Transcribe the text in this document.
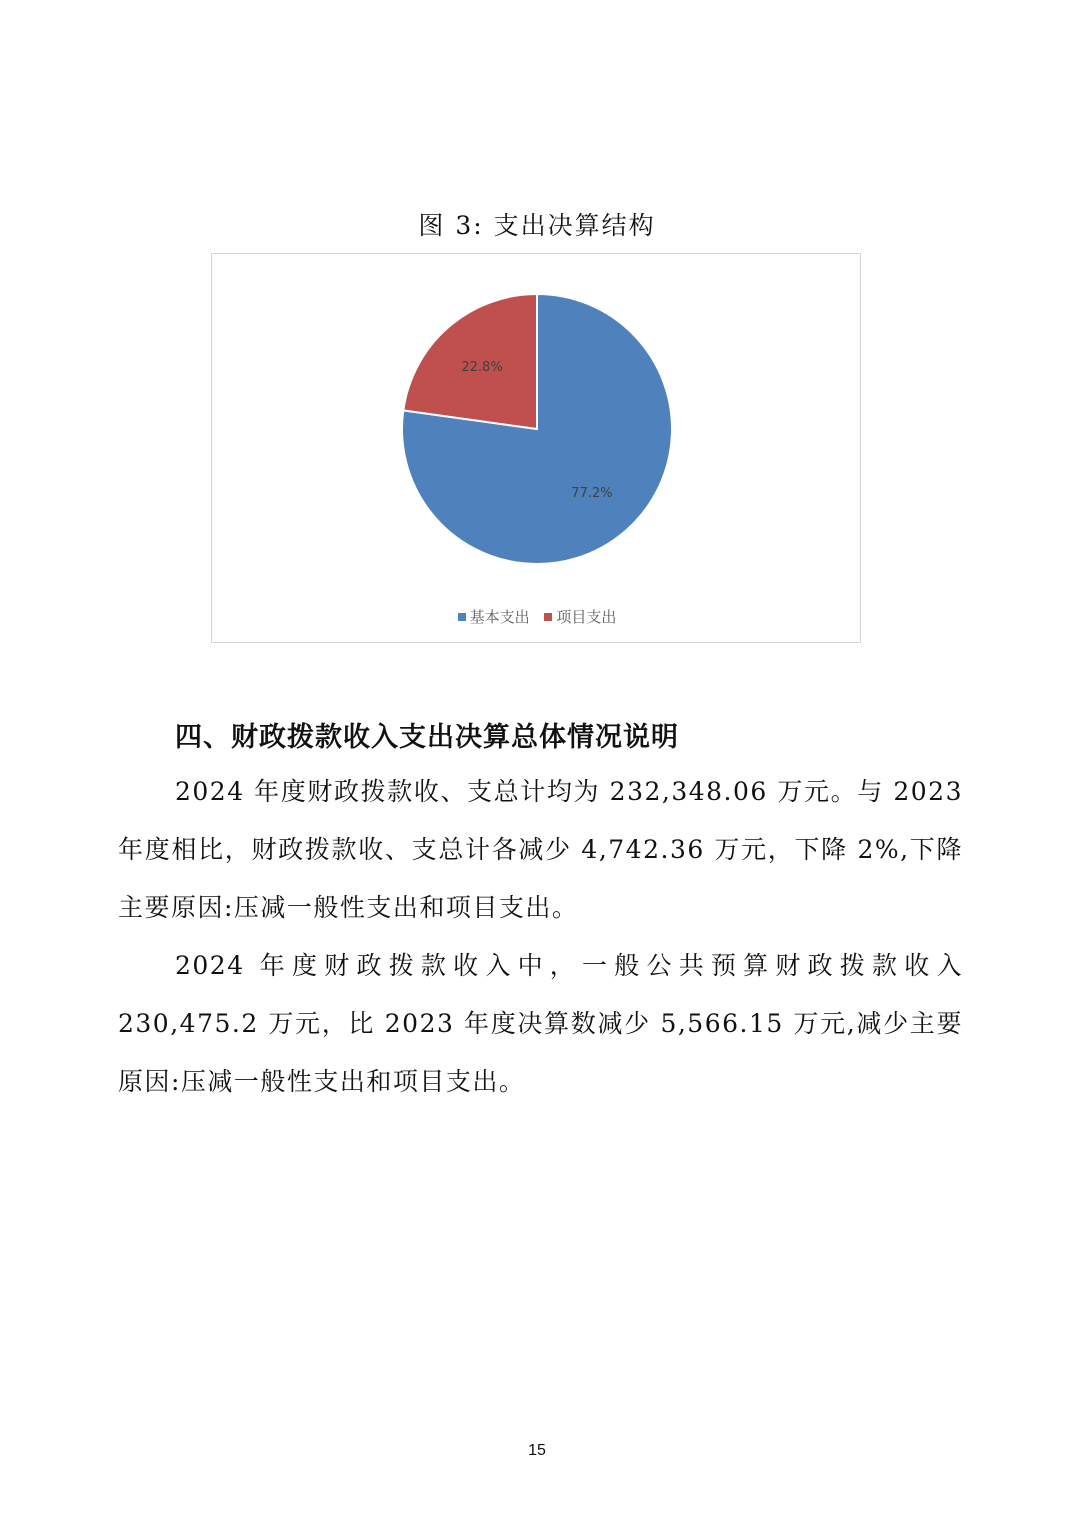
图 3: 支出决算结构
77.2%
22.8%
基本支出
项目支出
四、财政拨款收入支出决算总体情况说明
2024 年度财政拨款收、支总计均为 232,348.06 万元。与 2023 年度相比，财政拨款收、支总计各减少 4,742.36 万元，下降 2%,下降主要原因:压减一般性支出和项目支出。
2024 年度财政拨款收入中，一般公共预算财政拨款收入 230,475.2 万元，比 2023 年度决算数减少 5,566.15 万元,减少主要原因:压减一般性支出和项目支出。
15
